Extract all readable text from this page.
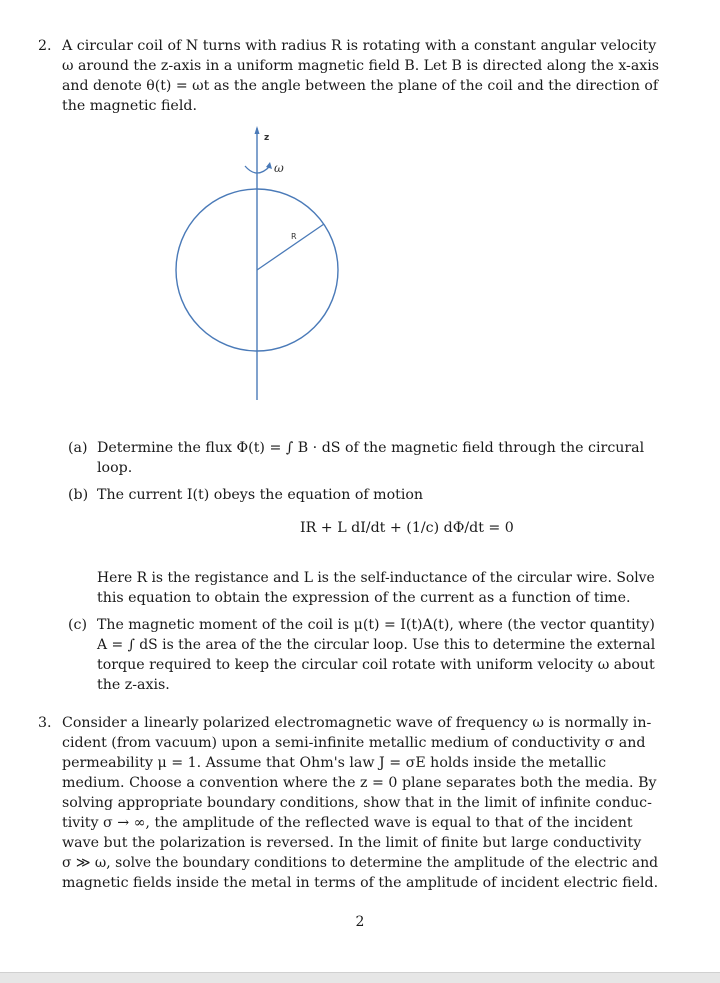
2. A circular coil of N turns with radius R is rotating with a constant angular velocity
ω around the z-axis in a uniform magnetic field B. Let B is directed along the x-axis
and denote θ(t) = ωt as the angle between the plane of the coil and the direction of
the magnetic field.
z
ω
R
(a) Determine the flux Φ(t) = ∫ B · dS of the magnetic field through the circural
loop.
(b) The current I(t) obeys the equation of motion
IR + L dI/dt + (1/c) dΦ/dt = 0
Here R is the registance and L is the self-inductance of the circular wire. Solve
this equation to obtain the expression of the current as a function of time.
(c) The magnetic moment of the coil is μ(t) = I(t)A(t), where (the vector quantity)
A = ∫ dS is the area of the the circular loop. Use this to determine the external
torque required to keep the circular coil rotate with uniform velocity ω about
the z-axis.
3. Consider a linearly polarized electromagnetic wave of frequency ω is normally in-
cident (from vacuum) upon a semi-infinite metallic medium of conductivity σ and
permeability μ = 1. Assume that Ohm's law J = σE holds inside the metallic
medium. Choose a convention where the z = 0 plane separates both the media. By
solving appropriate boundary conditions, show that in the limit of infinite conduc-
tivity σ → ∞, the amplitude of the reflected wave is equal to that of the incident
wave but the polarization is reversed. In the limit of finite but large conductivity
σ ≫ ω, solve the boundary conditions to determine the amplitude of the electric and
magnetic fields inside the metal in terms of the amplitude of incident electric field.
2
